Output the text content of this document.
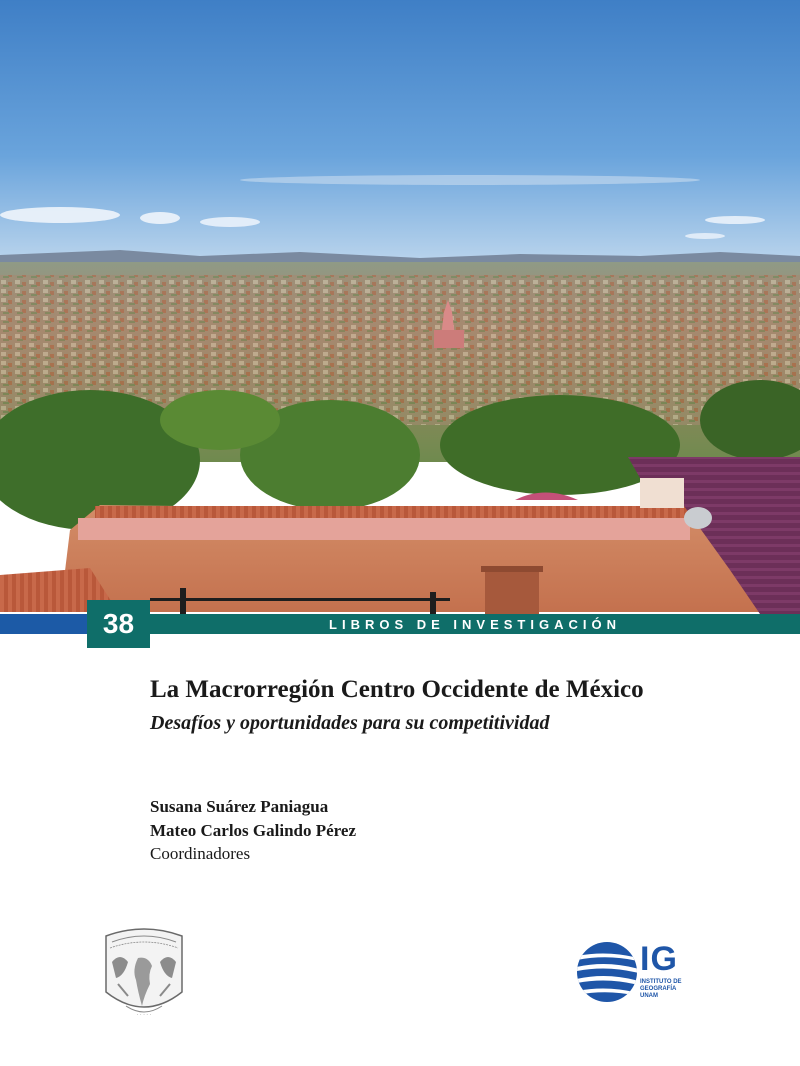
38	LIBROS DE INVESTIGACIÓN
La Macrorregión Centro Occidente de México
Desafíos y oportunidades para su competitividad
Susana Suárez Paniagua
Mateo Carlos Galindo Pérez
Coordinadores
· · · · ·
IG
INSTITUTO DE
GEOGRAFÍA
UNAM
